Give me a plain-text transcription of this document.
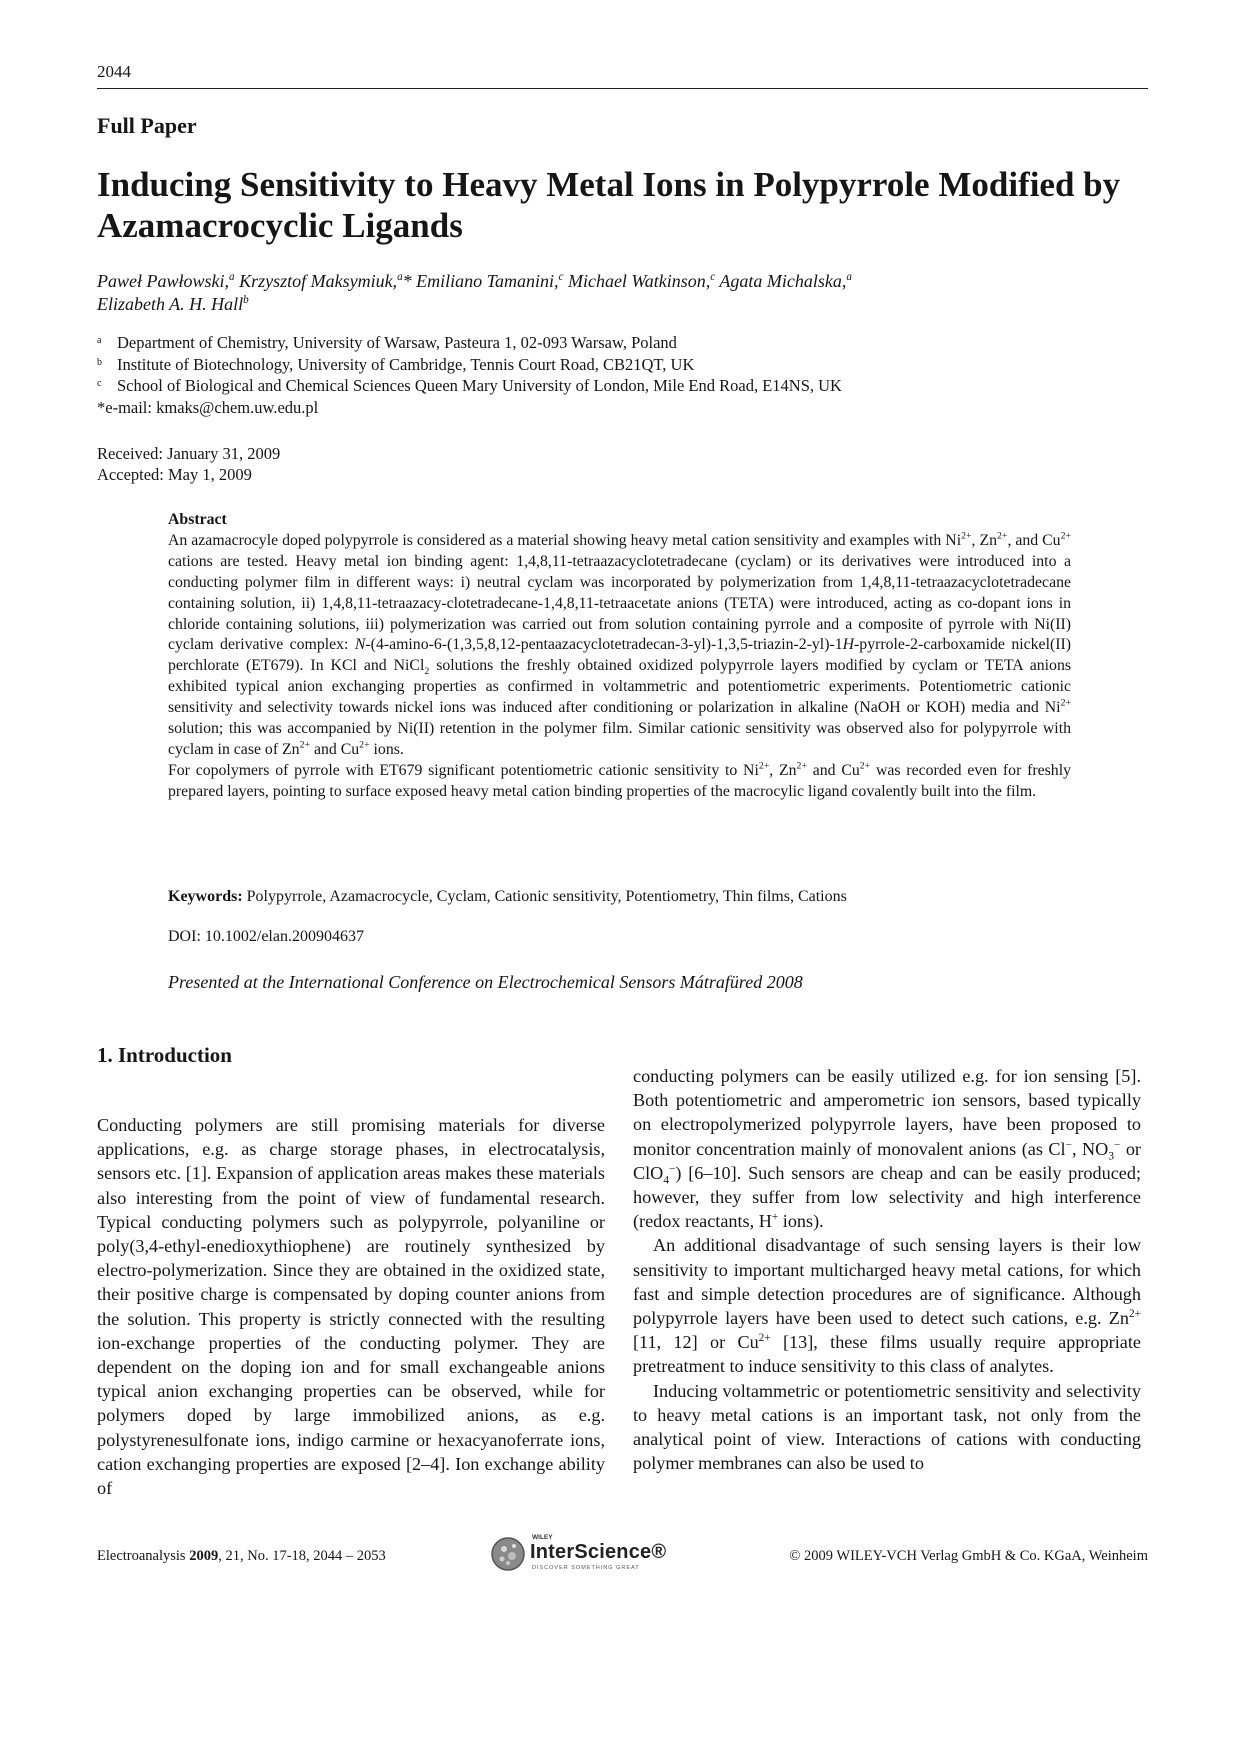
2044
Full Paper
Inducing Sensitivity to Heavy Metal Ions in Polypyrrole Modified by Azamacrocyclic Ligands
Paweł Pawłowski,$^a$ Krzysztof Maksymiuk,$^a$* Emiliano Tamanini,$^c$ Michael Watkinson,$^c$ Agata Michalska,$^a$
Elizabeth A. H. Hall$^b$
a Department of Chemistry, University of Warsaw, Pasteura 1, 02-093 Warsaw, Poland
b Institute of Biotechnology, University of Cambridge, Tennis Court Road, CB21QT, UK
c School of Biological and Chemical Sciences Queen Mary University of London, Mile End Road, E14NS, UK
*e-mail: kmaks@chem.uw.edu.pl
Received: January 31, 2009
Accepted: May 1, 2009
Abstract

An azamacrocyle doped polypyrrole is considered as a material showing heavy metal cation sensitivity and examples with $Ni^{2+}$, $Zn^{2+}$, and $Cu^{2+}$ cations are tested. Heavy metal ion binding agent: 1,4,8,11-tetraazacyclotetradecane (cyclam) or its derivatives were introduced into a conducting polymer film in different ways: i) neutral cyclam was incorporated by polymerization from 1,4,8,11-tetraazacyclotetradecane containing solution, ii) 1,4,8,11-tetraazacy-clotetradecane-1,4,8,11-tetraacetate anions (TETA) were introduced, acting as co-dopant ions in chloride containing solutions, iii) polymerization was carried out from solution containing pyrrole and a composite of pyrrole with Ni(II) cyclam derivative complex: N-(4-amino-6-(1,3,5,8,12-pentaazacyclotetradecan-3-yl)-1,3,5-triazin-2-yl)-1H-pyrrole-2-carboxamide nickel(II) perchlorate (ET679). In KCl and NiCl$_2$ solutions the freshly obtained oxidized polypyrrole layers modified by cyclam or TETA anions exhibited typical anion exchanging properties as confirmed in voltammetric and potentiometric experiments. Potentiometric cationic sensitivity and selectivity towards nickel ions was induced after conditioning or polarization in alkaline (NaOH or KOH) media and $Ni^{2+}$ solution; this was accompanied by Ni(II) retention in the polymer film. Similar cationic sensitivity was observed also for polypyrrole with cyclam in case of $Zn^{2+}$ and $Cu^{2+}$ ions.

For copolymers of pyrrole with ET679 significant potentiometric cationic sensitivity to $Ni^{2+}$, $Zn^{2+}$ and $Cu^{2+}$ was recorded even for freshly prepared layers, pointing to surface exposed heavy metal cation binding properties of the macrocylic ligand covalently built into the film.

Keywords: Polypyrrole, Azamacrocycle, Cyclam, Cationic sensitivity, Potentiometry, Thin films, Cations
DOI: 10.1002/elan.200904637
Presented at the International Conference on Electrochemical Sensors Mátrafüred 2008
1. Introduction

Conducting polymers are still promising materials for diverse applications, e.g. as charge storage phases, in electrocatalysis, sensors etc. [1]. Expansion of application areas makes these materials also interesting from the point of view of fundamental research. Typical conducting polymers such as polypyrrole, polyaniline or poly(3,4-ethyl-enedioxythiophene) are routinely synthesized by electro-polymerization. Since they are obtained in the oxidized state, their positive charge is compensated by doping counter anions from the solution. This property is strictly connected with the resulting ion-exchange properties of the conducting polymer. They are dependent on the doping ion and for small exchangeable anions typical anion exchanging properties can be observed, while for polymers doped by large immobilized anions, as e.g. polystyrenesulfonate ions, indigo carmine or hexacyanoferrate ions, cation exchanging properties are exposed [2–4]. Ion exchange ability of

conducting polymers can be easily utilized e.g. for ion sensing [5]. Both potentiometric and amperometric ion sensors, based typically on electropolymerized polypyrrole layers, have been proposed to monitor concentration mainly of monovalent anions (as Cl−, $NO_3^-$ or ClO$_4$−) [6–10]. Such sensors are cheap and can be easily produced; however, they suffer from low selectivity and high interference (redox reactants, H+ ions).

An additional disadvantage of such sensing layers is their low sensitivity to important multicharged heavy metal cations, for which fast and simple detection procedures are of significance. Although polypyrrole layers have been used to detect such cations, e.g. $Zn^{2+}$ [11, 12] or $Cu^{2+}$ [13], these films usually require appropriate pretreatment to induce sensitivity to this class of analytes.

Inducing voltammetric or potentiometric sensitivity and selectivity to heavy metal cations is an important task, not only from the analytical point of view. Interactions of cations with conducting polymer membranes can also be used to

Electroanalysis 2009, 21, No. 17-18, 2044 – 2053
WILEY
InterScience®
DISCOVER SOMETHING GREAT
© 2009 WILEY-VCH Verlag GmbH & Co. KGaA, Weinheim
